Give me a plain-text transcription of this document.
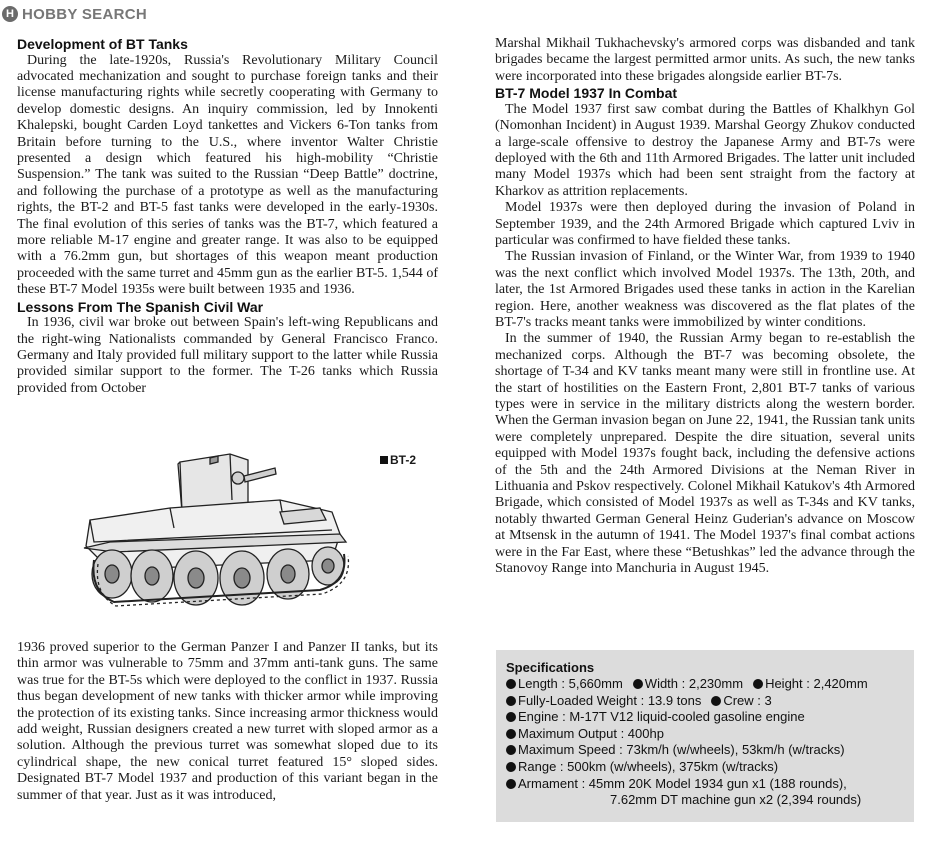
H HOBBY SEARCH
Development of BT Tanks

During the late-1920s, Russia's Revolutionary Military Council advocated mechanization and sought to purchase foreign tanks and their license manufacturing rights while secretly cooperating with Germany to develop domestic designs. An inquiry commission, led by Innokenti Khalepski, bought Carden Loyd tankettes and Vickers 6-Ton tanks from Britain before turning to the U.S., where inventor Walter Christie presented a design which featured his high-mobility “Christie Suspension.” The tank was suited to the Russian “Deep Battle” doctrine, and following the purchase of a prototype as well as the manufacturing rights, the BT-2 and BT-5 fast tanks were developed in the early-1930s. The final evolution of this series of tanks was the BT-7, which featured a more reliable M-17 engine and greater range. It was also to be equipped with a 76.2mm gun, but shortages of this weapon meant production proceeded with the same turret and 45mm gun as the earlier BT-5. 1,544 of these BT-7 Model 1935s were built between 1935 and 1936.

Lessons From The Spanish Civil War

In 1936, civil war broke out between Spain's left-wing Republicans and the right-wing Nationalists commanded by General Francisco Franco. Germany and Italy provided full military support to the latter while Russia provided similar support to the former. The T-26 tanks which Russia provided from October

BT-2

1936 proved superior to the German Panzer I and Panzer II tanks, but its thin armor was vulnerable to 75mm and 37mm anti-tank guns. The same was true for the BT-5s which were deployed to the conflict in 1937. Russia thus began development of new tanks with thicker armor while improving the protection of its existing tanks. Since increasing armor thickness would add weight, Russian designers created a new turret with sloped armor as a solution. Although the previous turret was somewhat sloped due to its cylindrical shape, the new conical turret featured 15° sloped sides. Designated BT-7 Model 1937 and production of this variant began in the summer of that year. Just as it was introduced,

Marshal Mikhail Tukhachevsky's armored corps was disbanded and tank brigades became the largest permitted armor units. As such, the new tanks were incorporated into these brigades alongside earlier BT-7s.

BT-7 Model 1937 In Combat

The Model 1937 first saw combat during the Battles of Khalkhyn Gol (Nomonhan Incident) in August 1939. Marshal Georgy Zhukov conducted a large-scale offensive to destroy the Japanese Army and BT-7s were deployed with the 6th and 11th Armored Brigades. The latter unit included many Model 1937s which had been sent straight from the factory at Kharkov as attrition replacements.

Model 1937s were then deployed during the invasion of Poland in September 1939, and the 24th Armored Brigade which captured Lviv in particular was confirmed to have fielded these tanks.

The Russian invasion of Finland, or the Winter War, from 1939 to 1940 was the next conflict which involved Model 1937s. The 13th, 20th, and later, the 1st Armored Brigades used these tanks in action in the Karelian region. Here, another weakness was discovered as the flat plates of the BT-7's tracks meant tanks were immobilized by winter conditions.

In the summer of 1940, the Russian Army began to re-establish the mechanized corps. Although the BT-7 was becoming obsolete, the shortage of T-34 and KV tanks meant many were still in frontline use. At the start of hostilities on the Eastern Front, 2,801 BT-7 tanks of various types were in service in the military districts along the western border. When the German invasion began on June 22, 1941, the Russian tank units were completely unprepared. Despite the dire situation, several units equipped with Model 1937s fought back, including the defensive actions of the 5th and the 24th Armored Divisions at the Neman River in Lithuania and Pskov respectively. Colonel Mikhail Katukov's 4th Armored Brigade, which consisted of Model 1937s as well as T-34s and KV tanks, notably thwarted German General Heinz Guderian's advance on Moscow at Mtsensk in the autumn of 1941. The Model 1937's final combat actions were in the Far East, where these “Betushkas” led the advance through the Stanovoy Range into Manchuria in August 1945.

Specifications
Length : 5,660mm Width : 2,230mm Height : 2,420mm
Fully-Loaded Weight : 13.9 tons Crew : 3
Engine : M-17T V12 liquid-cooled gasoline engine
Maximum Output : 400hp
Maximum Speed : 73km/h (w/wheels), 53km/h (w/tracks)
Range : 500km (w/wheels), 375km (w/tracks)
Armament : 45mm 20K Model 1934 gun x1 (188 rounds),
7.62mm DT machine gun x2 (2,394 rounds)
